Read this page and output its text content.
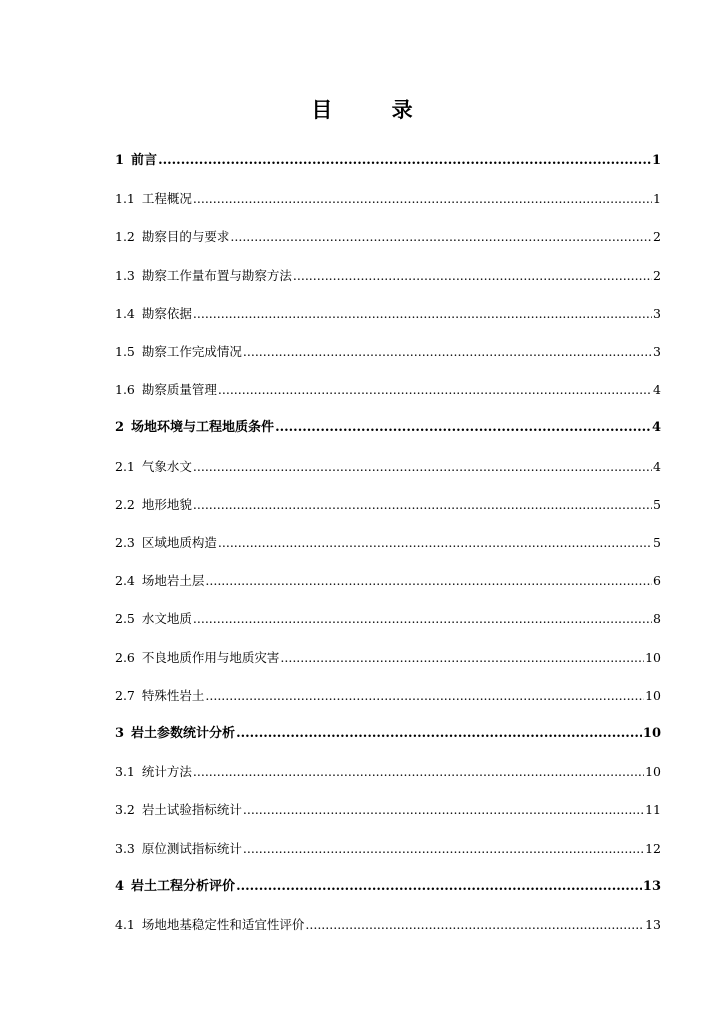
目 录
1 前言 .....	1
1.1 工程概况 .....	1
1.2 勘察目的与要求 .....	2
1.3 勘察工作量布置与勘察方法 .....	2
1.4 勘察依据 .....	3
1.5 勘察工作完成情况 .....	3
1.6 勘察质量管理 .....	4
2 场地环境与工程地质条件 .....	4
2.1 气象水文 .....	4
2.2 地形地貌 .....	5
2.3 区域地质构造 .....	5
2.4 场地岩土层 .....	6
2.5 水文地质 .....	8
2.6 不良地质作用与地质灾害 .....	10
2.7 特殊性岩土 .....	10
3 岩土参数统计分析 .....	10
3.1 统计方法 .....	10
3.2 岩土试验指标统计 .....	11
3.3 原位测试指标统计 .....	12
4 岩土工程分析评价 .....	13
4.1 场地地基稳定性和适宜性评价 .....	13
